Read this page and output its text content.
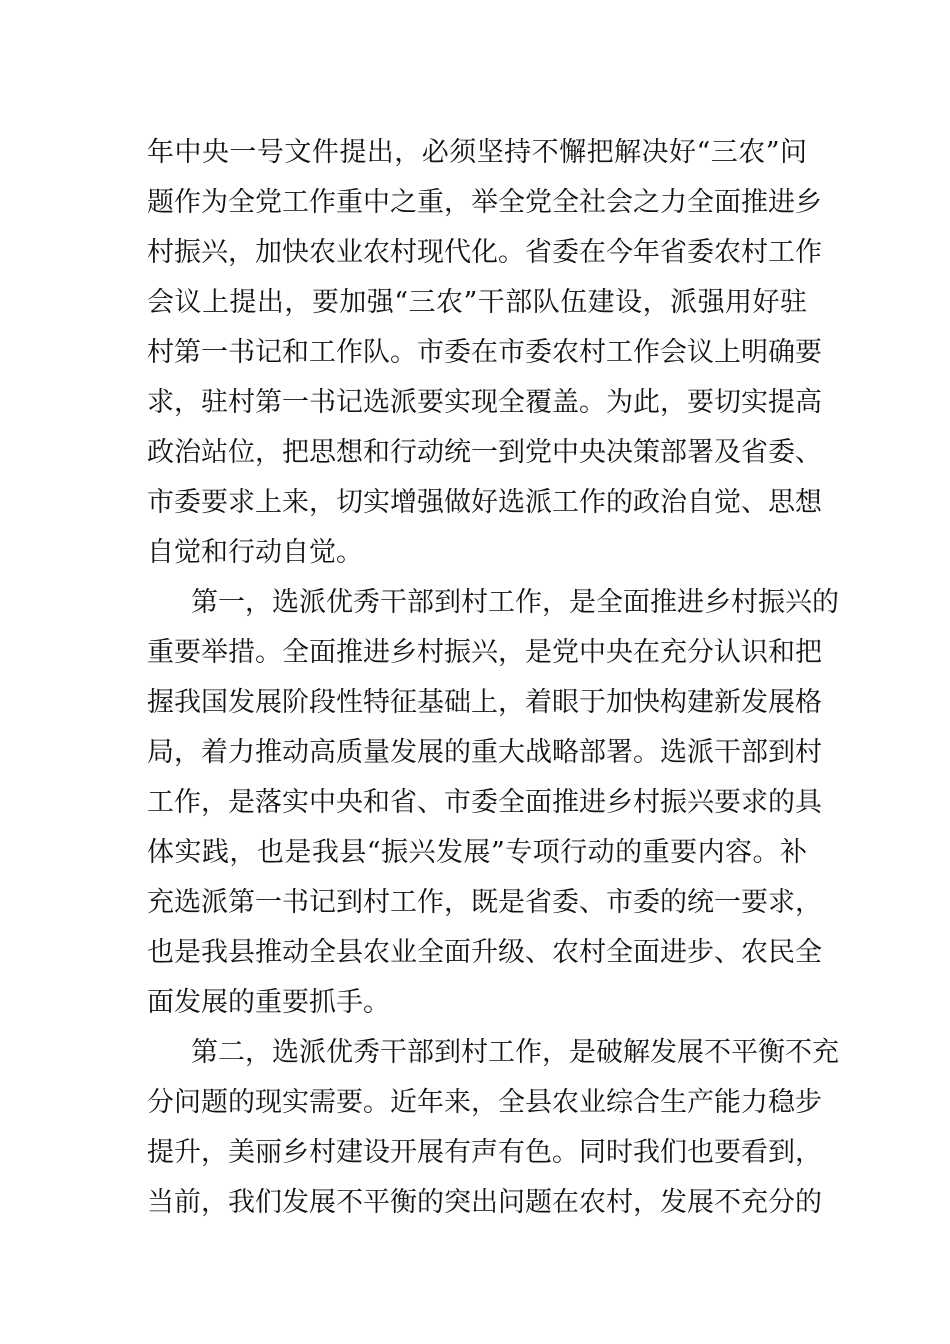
年中央一号文件提出，必须坚持不懈把解决好“三农”问
题作为全党工作重中之重，举全党全社会之力全面推进乡
村振兴，加快农业农村现代化。省委在今年省委农村工作
会议上提出，要加强“三农”干部队伍建设，派强用好驻
村第一书记和工作队。市委在市委农村工作会议上明确要
求，驻村第一书记选派要实现全覆盖。为此，要切实提高
政治站位，把思想和行动统一到党中央决策部署及省委、
市委要求上来，切实增强做好选派工作的政治自觉、思想
自觉和行动自觉。
第一，选派优秀干部到村工作，是全面推进乡村振兴的
重要举措。全面推进乡村振兴，是党中央在充分认识和把
握我国发展阶段性特征基础上，着眼于加快构建新发展格
局，着力推动高质量发展的重大战略部署。选派干部到村
工作，是落实中央和省、市委全面推进乡村振兴要求的具
体实践，也是我县“振兴发展”专项行动的重要内容。补
充选派第一书记到村工作，既是省委、市委的统一要求，
也是我县推动全县农业全面升级、农村全面进步、农民全
面发展的重要抓手。
第二，选派优秀干部到村工作，是破解发展不平衡不充
分问题的现实需要。近年来，全县农业综合生产能力稳步
提升，美丽乡村建设开展有声有色。同时我们也要看到，
当前，我们发展不平衡的突出问题在农村，发展不充分的
